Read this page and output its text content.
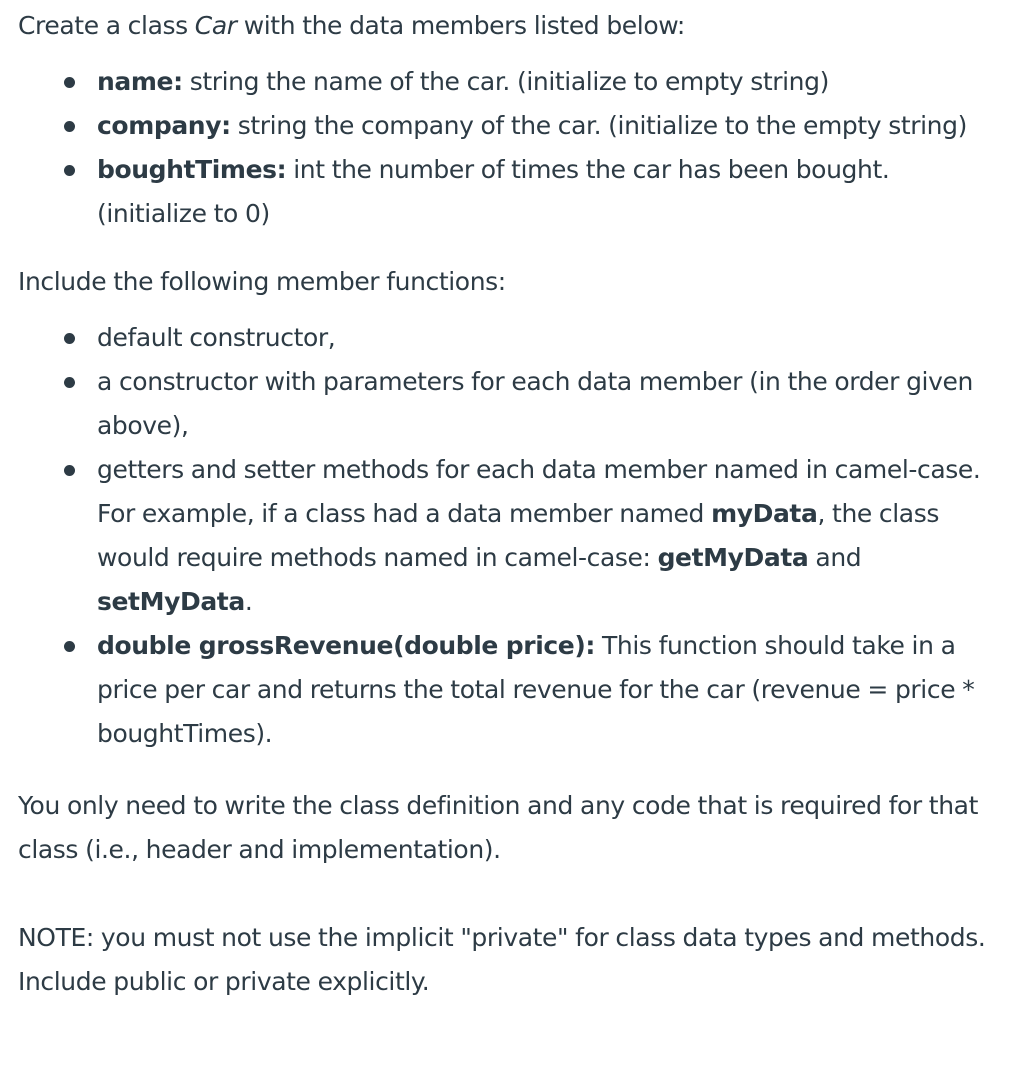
Create a class Car with the data members listed below:

name: string the name of the car. (initialize to empty string)
company: string the company of the car. (initialize to the empty string)
boughtTimes: int the number of times the car has been bought. (initialize to 0)

Include the following member functions:

default constructor,
a constructor with parameters for each data member (in the order given above),
getters and setter methods for each data member named in camel-case. For example, if a class had a data member named myData, the class would require methods named in camel-case: getMyData and setMyData.
double grossRevenue(double price): This function should take in a price per car and returns the total revenue for the car (revenue = price * boughtTimes).

You only need to write the class definition and any code that is required for that class (i.e., header and implementation).

NOTE: you must not use the implicit "private" for class data types and methods. Include public or private explicitly.
